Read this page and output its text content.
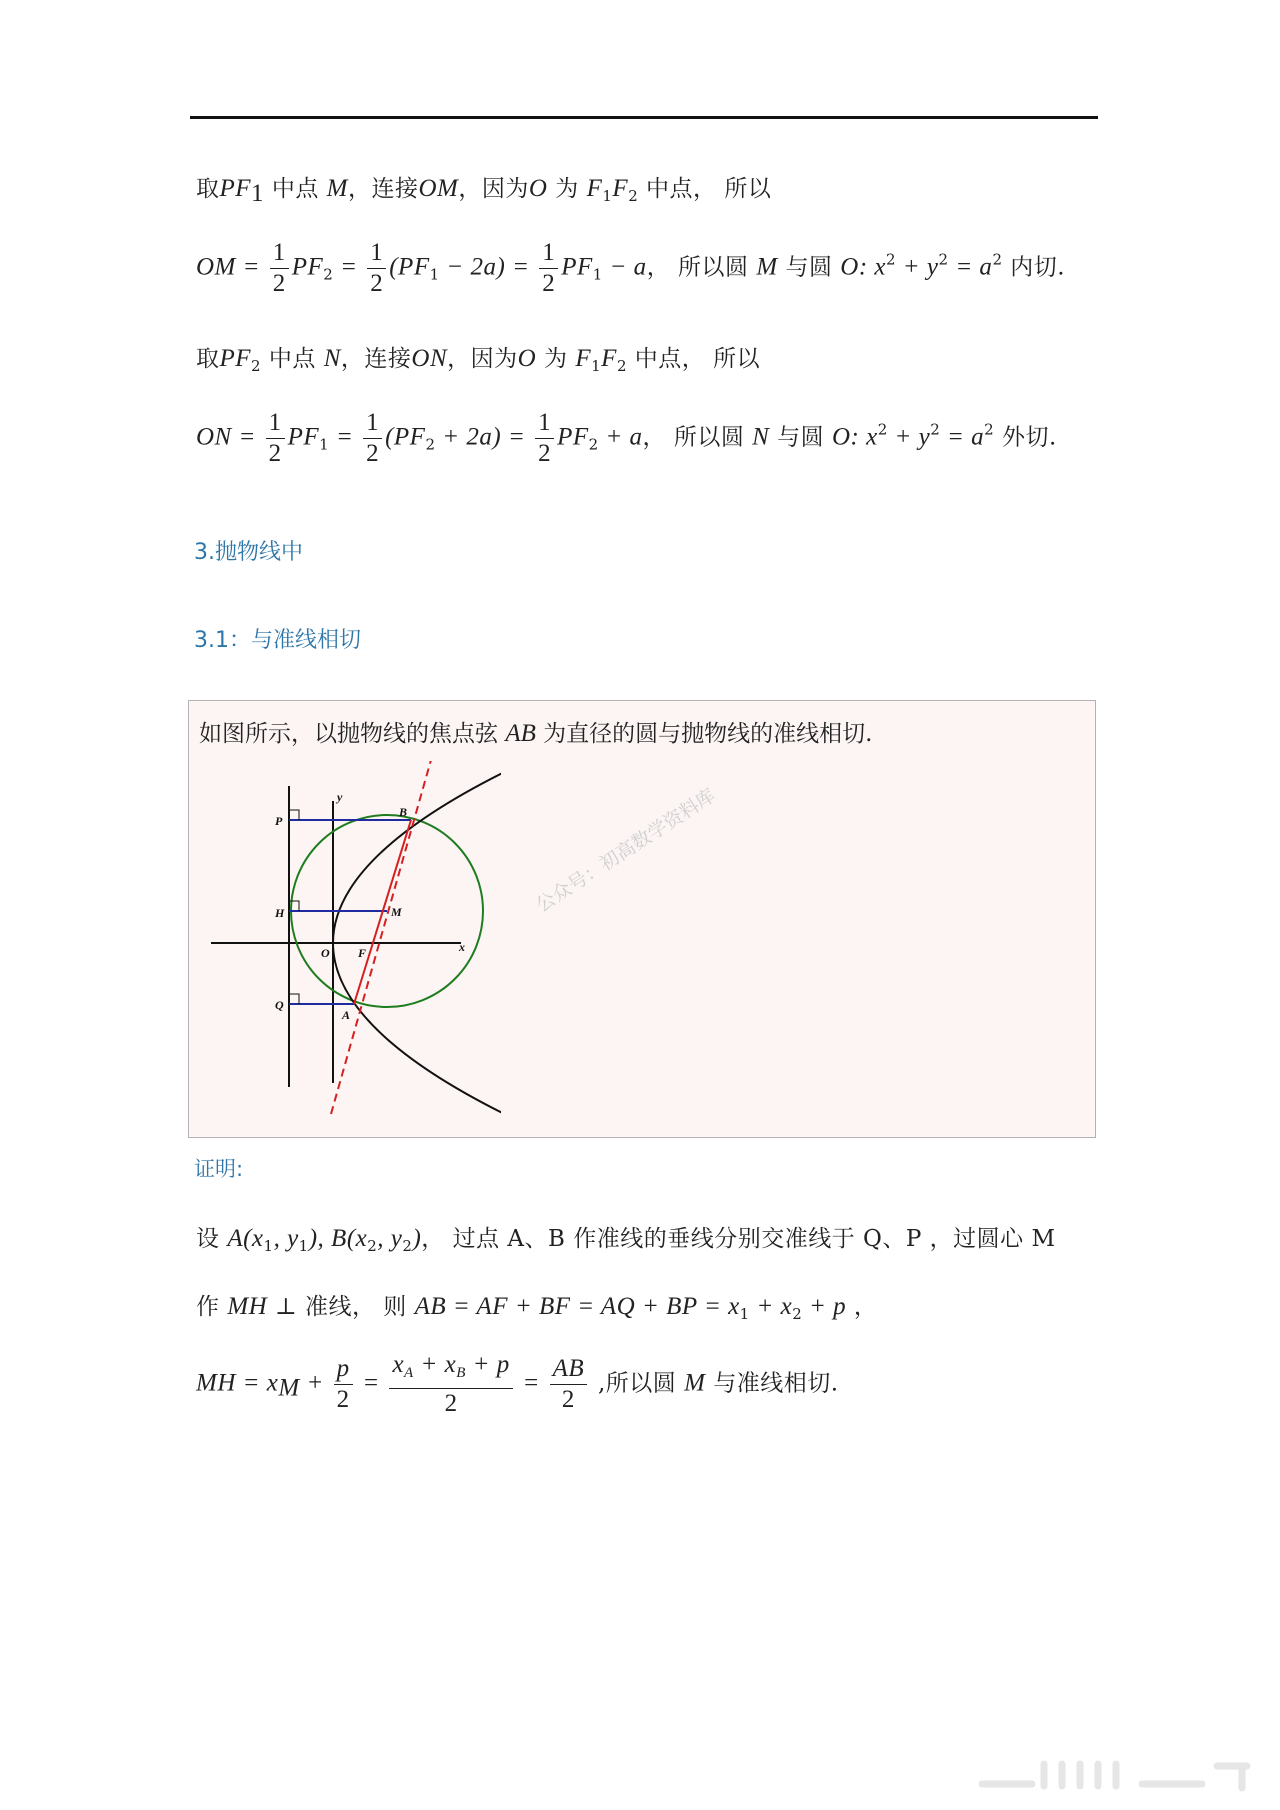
取$PF_1$ 中点 M，连接OM，因为O 为 $F_1F_2$ 中点， 所以
OM = $\frac{1}{2} PF_2 = \frac{1}{2} (PF_1 - 2a) = \frac{1}{2} PF_1 - a$， 所以圆 M 与圆 O: $x^2 + y^2 = a^2$ 内切.
取$PF_2$ 中点 N，连接ON，因为O 为 $F_1F_2$ 中点， 所以
ON = $\frac{1}{2} PF_1 = \frac{1}{2} (PF_2 + 2a) = \frac{1}{2} PF_2 + a$， 所以圆 N 与圆 O: $x^2 + y^2 = a^2$ 外切.
3.抛物线中
3.1：与准线相切
如图所示，以抛物线的焦点弦 AB 为直径的圆与抛物线的准线相切.
P
H
Q
B
M
O F
A
x
y	公众号：初高数学资料库
证明:
设 $A(x_1$, $y_1$), $B(x_2$, $y_2$)， 过点 A、B 作准线的垂线分别交准线于 Q、P ，过圆心 M
作 MH ⊥ 准线， 则 AB = AF + BF = AQ + BP = $x_1 + x_2 + p$ ，
MH = $x_M + \frac{p}{2} = \frac{x_A + x_B + p}{2} = \frac{AB}{2}$ ,所以圆 M 与准线相切.
